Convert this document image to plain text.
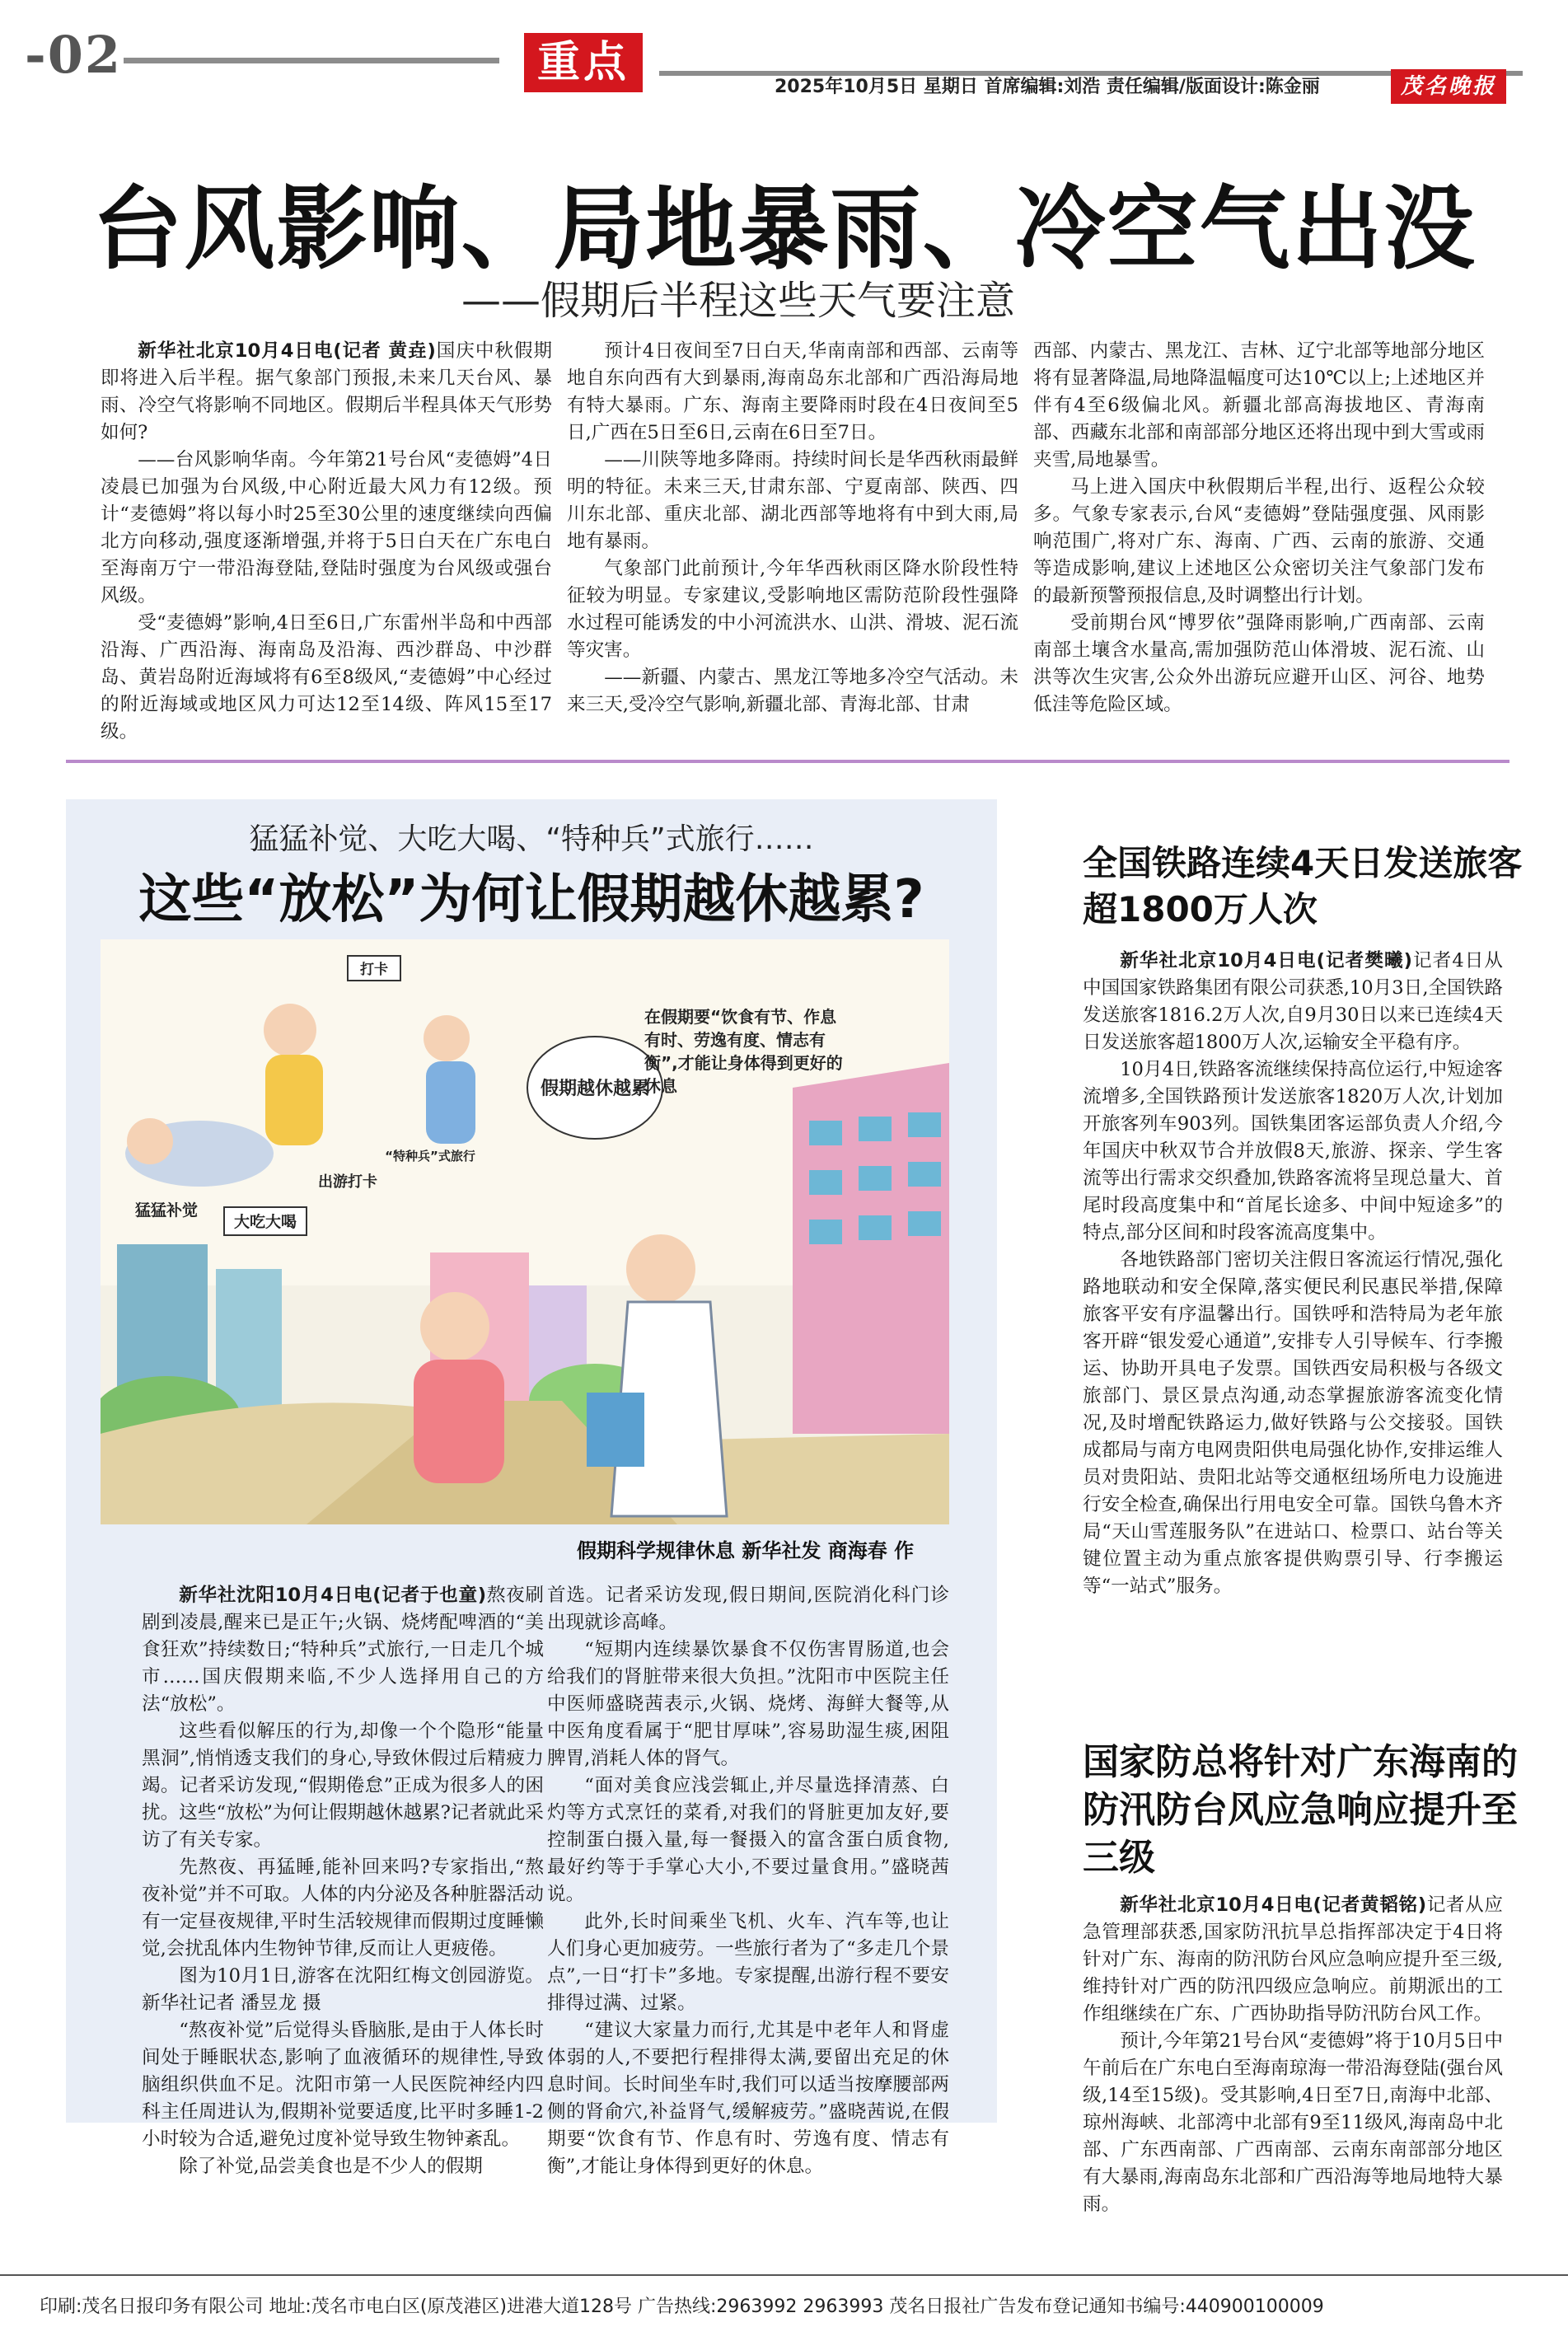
-02	重点	2025年10月5日 星期日 首席编辑:刘浩 责任编辑/版面设计:陈金丽	茂名晚报
台风影响、局地暴雨、冷空气出没
——假期后半程这些天气要注意

新华社北京10月4日电(记者 黄垚)国庆中秋假期即将进入后半程。据气象部门预报,未来几天台风、暴雨、冷空气将影响不同地区。假期后半程具体天气形势如何?

——台风影响华南。今年第21号台风“麦德姆”4日凌晨已加强为台风级,中心附近最大风力有12级。预计“麦德姆”将以每小时25至30公里的速度继续向西偏北方向移动,强度逐渐增强,并将于5日白天在广东电白至海南万宁一带沿海登陆,登陆时强度为台风级或强台风级。

受“麦德姆”影响,4日至6日,广东雷州半岛和中西部沿海、广西沿海、海南岛及沿海、西沙群岛、中沙群岛、黄岩岛附近海域将有6至8级风,“麦德姆”中心经过的附近海域或地区风力可达12至14级、阵风15至17级。

预计4日夜间至7日白天,华南南部和西部、云南等地自东向西有大到暴雨,海南岛东北部和广西沿海局地有特大暴雨。广东、海南主要降雨时段在4日夜间至5日,广西在5日至6日,云南在6日至7日。

——川陕等地多降雨。持续时间长是华西秋雨最鲜明的特征。未来三天,甘肃东部、宁夏南部、陕西、四川东北部、重庆北部、湖北西部等地将有中到大雨,局地有暴雨。

气象部门此前预计,今年华西秋雨区降水阶段性特征较为明显。专家建议,受影响地区需防范阶段性强降水过程可能诱发的中小河流洪水、山洪、滑坡、泥石流等灾害。

——新疆、内蒙古、黑龙江等地多冷空气活动。未来三天,受冷空气影响,新疆北部、青海北部、甘肃

西部、内蒙古、黑龙江、吉林、辽宁北部等地部分地区将有显著降温,局地降温幅度可达10℃以上;上述地区并伴有4至6级偏北风。新疆北部高海拔地区、青海南部、西藏东北部和南部部分地区还将出现中到大雪或雨夹雪,局地暴雪。

马上进入国庆中秋假期后半程,出行、返程公众较多。气象专家表示,台风“麦德姆”登陆强度强、风雨影响范围广,将对广东、海南、广西、云南的旅游、交通等造成影响,建议上述地区公众密切关注气象部门发布的最新预警预报信息,及时调整出行计划。

受前期台风“博罗依”强降雨影响,广西南部、云南南部土壤含水量高,需加强防范山体滑坡、泥石流、山洪等次生灾害,公众外出游玩应避开山区、河谷、地势低洼等危险区域。

猛猛补觉、大吃大喝、“特种兵”式旅行……
这些“放松”为何让假期越休越累?
大吃大喝
猛猛补觉
出游打卡
“特种兵”式旅行
打卡
假期越休越累
在假期要“饮食有节、作息有时、劳逸有度、情志有衡”,才能让身体得到更好的休息
假期科学规律休息 新华社发 商海春 作

新华社沈阳10月4日电(记者于也童)熬夜刷剧到凌晨,醒来已是正午;火锅、烧烤配啤酒的“美食狂欢”持续数日;“特种兵”式旅行,一日走几个城市……国庆假期来临,不少人选择用自己的方法“放松”。

这些看似解压的行为,却像一个个隐形“能量黑洞”,悄悄透支我们的身心,导致休假过后精疲力竭。记者采访发现,“假期倦怠”正成为很多人的困扰。这些“放松”为何让假期越休越累?记者就此采访了有关专家。

先熬夜、再猛睡,能补回来吗?专家指出,“熬夜补觉”并不可取。人体的内分泌及各种脏器活动有一定昼夜规律,平时生活较规律而假期过度睡懒觉,会扰乱体内生物钟节律,反而让人更疲倦。

图为10月1日,游客在沈阳红梅文创园游览。新华社记者 潘昱龙 摄

“熬夜补觉”后觉得头昏脑胀,是由于人体长时间处于睡眠状态,影响了血液循环的规律性,导致脑组织供血不足。沈阳市第一人民医院神经内四科主任周进认为,假期补觉要适度,比平时多睡1-2小时较为合适,避免过度补觉导致生物钟紊乱。

除了补觉,品尝美食也是不少人的假期

首选。记者采访发现,假日期间,医院消化科门诊出现就诊高峰。

“短期内连续暴饮暴食不仅伤害胃肠道,也会给我们的肾脏带来很大负担。”沈阳市中医院主任中医师盛晓茜表示,火锅、烧烤、海鲜大餐等,从中医角度看属于“肥甘厚味”,容易助湿生痰,困阻脾胃,消耗人体的肾气。

“面对美食应浅尝辄止,并尽量选择清蒸、白灼等方式烹饪的菜肴,对我们的肾脏更加友好,要控制蛋白摄入量,每一餐摄入的富含蛋白质食物,最好约等于手掌心大小,不要过量食用。”盛晓茜说。

此外,长时间乘坐飞机、火车、汽车等,也让人们身心更加疲劳。一些旅行者为了“多走几个景点”,一日“打卡”多地。专家提醒,出游行程不要安排得过满、过紧。

“建议大家量力而行,尤其是中老年人和肾虚体弱的人,不要把行程排得太满,要留出充足的休息时间。长时间坐车时,我们可以适当按摩腰部两侧的肾俞穴,补益肾气,缓解疲劳。”盛晓茜说,在假期要“饮食有节、作息有时、劳逸有度、情志有衡”,才能让身体得到更好的休息。

全国铁路连续4天日发送旅客超1800万人次

新华社北京10月4日电(记者樊曦)记者4日从中国国家铁路集团有限公司获悉,10月3日,全国铁路发送旅客1816.2万人次,自9月30日以来已连续4天日发送旅客超1800万人次,运输安全平稳有序。

10月4日,铁路客流继续保持高位运行,中短途客流增多,全国铁路预计发送旅客1820万人次,计划加开旅客列车903列。国铁集团客运部负责人介绍,今年国庆中秋双节合并放假8天,旅游、探亲、学生客流等出行需求交织叠加,铁路客流将呈现总量大、首尾时段高度集中和“首尾长途多、中间中短途多”的特点,部分区间和时段客流高度集中。

各地铁路部门密切关注假日客流运行情况,强化路地联动和安全保障,落实便民利民惠民举措,保障旅客平安有序温馨出行。国铁呼和浩特局为老年旅客开辟“银发爱心通道”,安排专人引导候车、行李搬运、协助开具电子发票。国铁西安局积极与各级文旅部门、景区景点沟通,动态掌握旅游客流变化情况,及时增配铁路运力,做好铁路与公交接驳。国铁成都局与南方电网贵阳供电局强化协作,安排运维人员对贵阳站、贵阳北站等交通枢纽场所电力设施进行安全检查,确保出行用电安全可靠。国铁乌鲁木齐局“天山雪莲服务队”在进站口、检票口、站台等关键位置主动为重点旅客提供购票引导、行李搬运等“一站式”服务。

国家防总将针对广东海南的防汛防台风应急响应提升至三级

新华社北京10月4日电(记者黄韬铭)记者从应急管理部获悉,国家防汛抗旱总指挥部决定于4日将针对广东、海南的防汛防台风应急响应提升至三级,维持针对广西的防汛四级应急响应。前期派出的工作组继续在广东、广西协助指导防汛防台风工作。

预计,今年第21号台风“麦德姆”将于10月5日中午前后在广东电白至海南琼海一带沿海登陆(强台风级,14至15级)。受其影响,4日至7日,南海中北部、琼州海峡、北部湾中北部有9至11级风,海南岛中北部、广东西南部、广西南部、云南东南部部分地区有大暴雨,海南岛东北部和广西沿海等地局地特大暴雨。

印刷:茂名日报印务有限公司 地址:茂名市电白区(原茂港区)进港大道128号 广告热线:2963992 2963993 茂名日报社广告发布登记通知书编号:440900100009
